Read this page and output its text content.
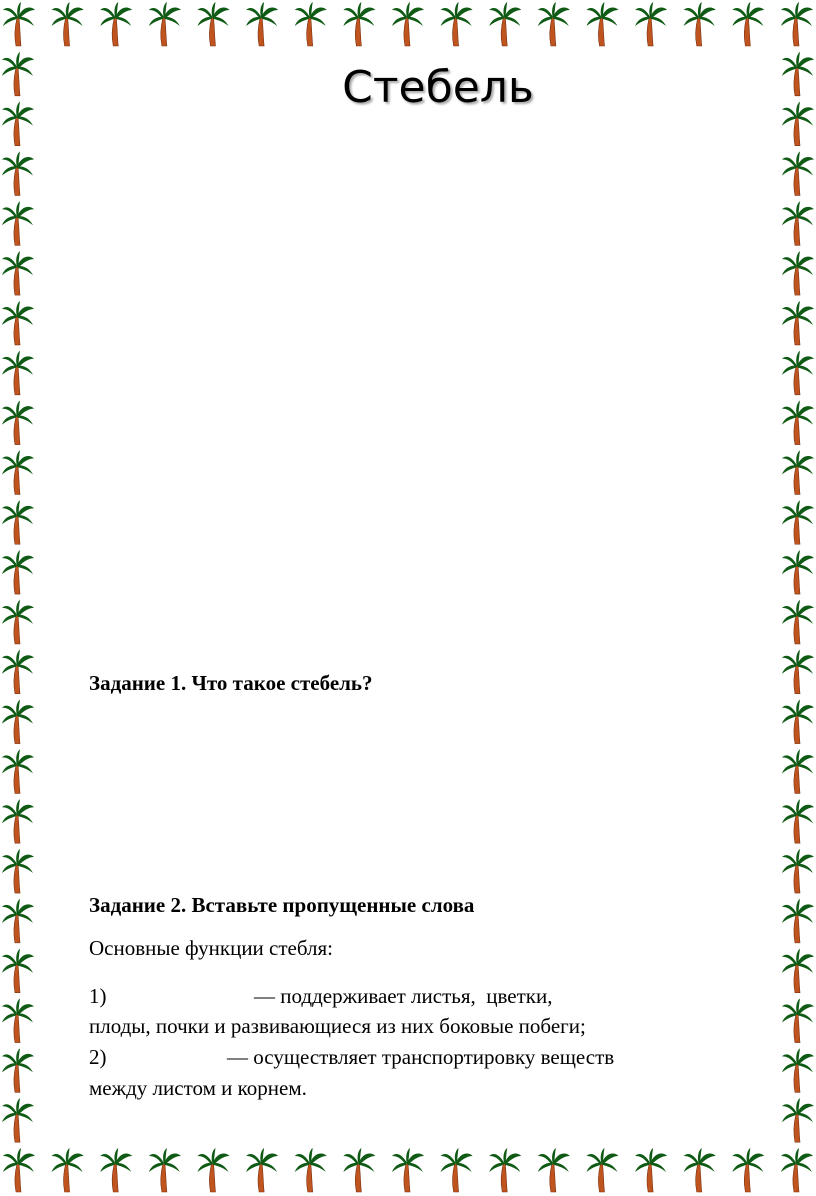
Стебель
Задание 1. Что такое стебель?
Задание 2. Вставьте пропущенные слова
Основные функции стебля:
1)	— поддерживает листья,  цветки,
плоды, почки и развивающиеся из них боковые побеги;
2)	— осуществляет транспортировку веществ
между листом и корнем.
